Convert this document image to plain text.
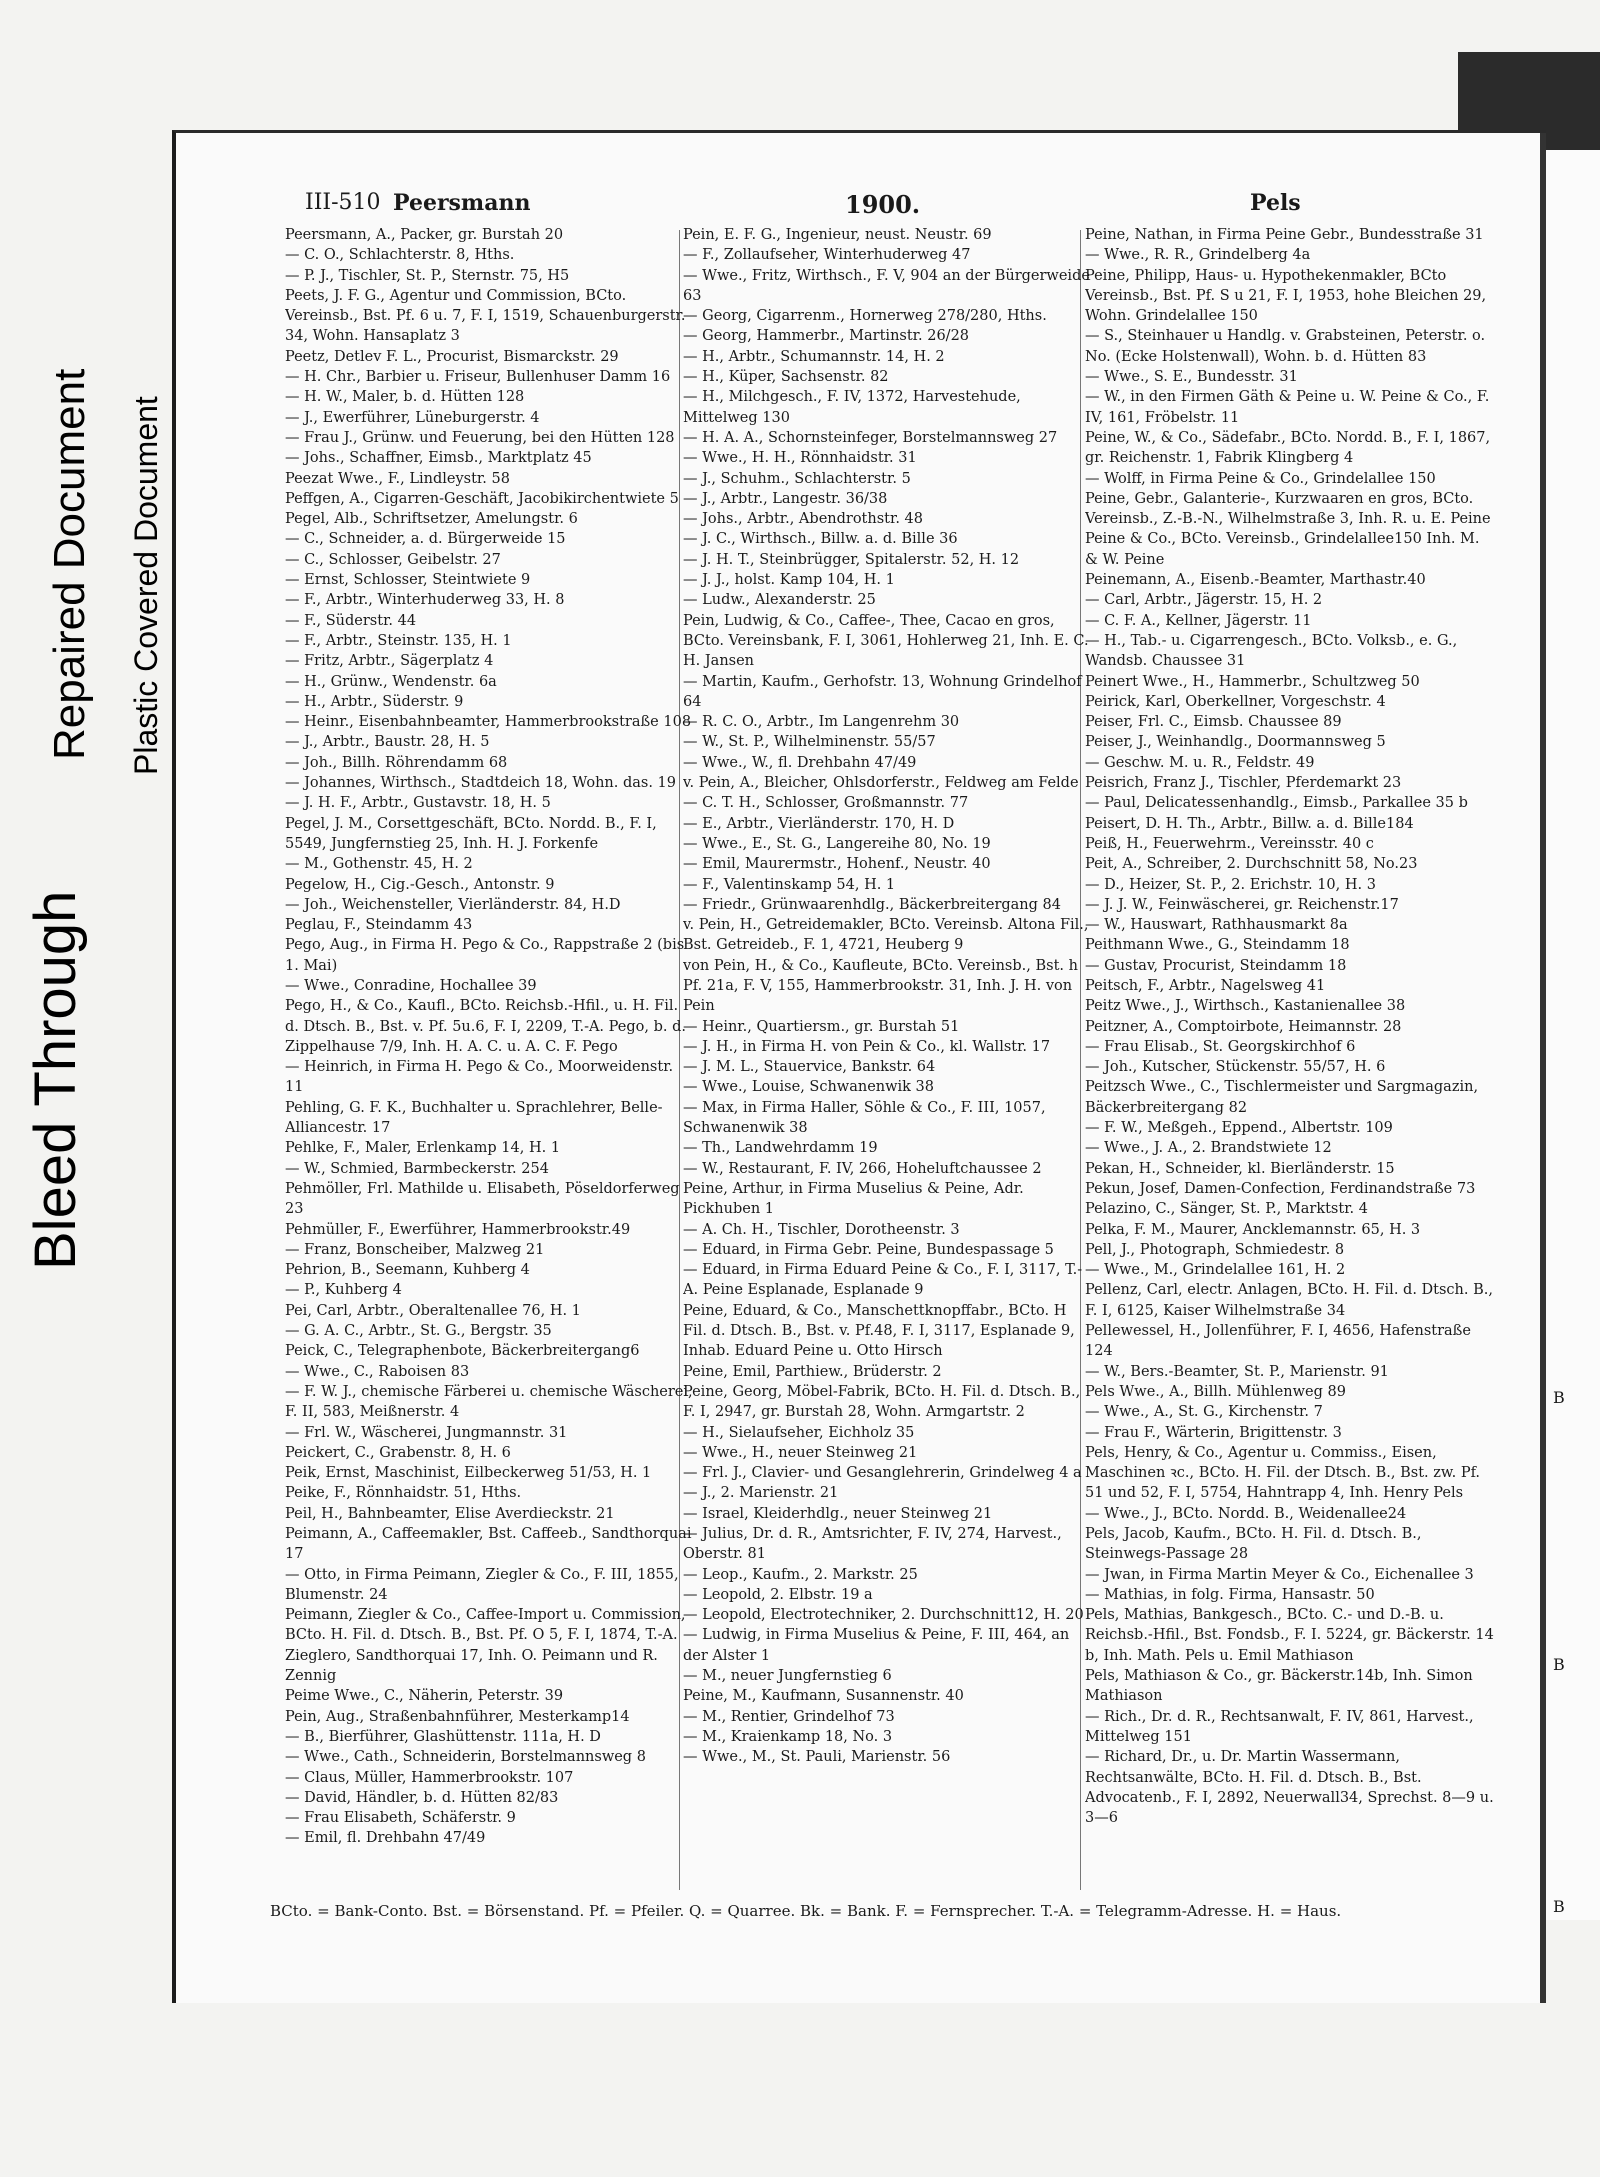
B
B
B
Bleed Through
Repaired Document Plastic Covered Document
III-510 Peersmann	1900.	Pels

Peersmann, A., Packer, gr. Burstah 20

— C. O., Schlachterstr. 8, Hths.

— P. J., Tischler, St. P., Sternstr. 75, H5

Peets, J. F. G., Agentur und Commission, BCto. Vereinsb., Bst. Pf. 6 u. 7, F. I, 1519, Schauenburgerstr. 34, Wohn. Hansaplatz 3

Peetz, Detlev F. L., Procurist, Bismarckstr. 29

— H. Chr., Barbier u. Friseur, Bullenhuser Damm 16

— H. W., Maler, b. d. Hütten 128

— J., Ewerführer, Lüneburgerstr. 4

— Frau J., Grünw. und Feuerung, bei den Hütten 128

— Johs., Schaffner, Eimsb., Marktplatz 45

Peezat Wwe., F., Lindleystr. 58

Peffgen, A., Cigarren-Geschäft, Jacobikirchentwiete 5

Pegel, Alb., Schriftsetzer, Amelungstr. 6

— C., Schneider, a. d. Bürgerweide 15

— C., Schlosser, Geibelstr. 27

— Ernst, Schlosser, Steintwiete 9

— F., Arbtr., Winterhuderweg 33, H. 8

— F., Süderstr. 44

— F., Arbtr., Steinstr. 135, H. 1

— Fritz, Arbtr., Sägerplatz 4

— H., Grünw., Wendenstr. 6a

— H., Arbtr., Süderstr. 9

— Heinr., Eisenbahnbeamter, Hammerbrookstraße 108

— J., Arbtr., Baustr. 28, H. 5

— Joh., Billh. Röhrendamm 68

— Johannes, Wirthsch., Stadtdeich 18, Wohn. das. 19

— J. H. F., Arbtr., Gustavstr. 18, H. 5

Pegel, J. M., Corsettgeschäft, BCto. Nordd. B., F. I, 5549, Jungfernstieg 25, Inh. H. J. Forkenfe

— M., Gothenstr. 45, H. 2

Pegelow, H., Cig.-Gesch., Antonstr. 9

— Joh., Weichensteller, Vierländerstr. 84, H.D

Peglau, F., Steindamm 43

Pego, Aug., in Firma H. Pego & Co., Rappstraße 2 (bis 1. Mai)

— Wwe., Conradine, Hochallee 39

Pego, H., & Co., Kaufl., BCto. Reichsb.-Hfil., u. H. Fil. d. Dtsch. B., Bst. v. Pf. 5u.6, F. I, 2209, T.-A. Pego, b. d. Zippelhause 7/9, Inh. H. A. C. u. A. C. F. Pego

— Heinrich, in Firma H. Pego & Co., Moorweidenstr. 11

Pehling, G. F. K., Buchhalter u. Sprachlehrer, Belle-Alliancestr. 17

Pehlke, F., Maler, Erlenkamp 14, H. 1

— W., Schmied, Barmbeckerstr. 254

Pehmöller, Frl. Mathilde u. Elisabeth, Pöseldorferweg 23

Pehmüller, F., Ewerführer, Hammerbrookstr.49

— Franz, Bonscheiber, Malzweg 21

Pehrion, B., Seemann, Kuhberg 4

— P., Kuhberg 4

Pei, Carl, Arbtr., Oberaltenallee 76, H. 1

— G. A. C., Arbtr., St. G., Bergstr. 35

Peick, C., Telegraphenbote, Bäckerbreitergang6

— Wwe., C., Raboisen 83

— F. W. J., chemische Färberei u. chemische Wäscherei, F. II, 583, Meißnerstr. 4

— Frl. W., Wäscherei, Jungmannstr. 31

Peickert, C., Grabenstr. 8, H. 6

Peik, Ernst, Maschinist, Eilbeckerweg 51/53, H. 1

Peike, F., Rönnhaidstr. 51, Hths.

Peil, H., Bahnbeamter, Elise Averdieckstr. 21

Peimann, A., Caffeemakler, Bst. Caffeeb., Sandthorquai 17

— Otto, in Firma Peimann, Ziegler & Co., F. III, 1855, Blumenstr. 24

Peimann, Ziegler & Co., Caffee-Import u. Commission, BCto. H. Fil. d. Dtsch. B., Bst. Pf. O 5, F. I, 1874, T.-A. Zieglero, Sandthorquai 17, Inh. O. Peimann und R. Zennig

Peime Wwe., C., Näherin, Peterstr. 39

Pein, Aug., Straßenbahnführer, Mesterkamp14

— B., Bierführer, Glashüttenstr. 111a, H. D

— Wwe., Cath., Schneiderin, Borstelmannsweg 8

— Claus, Müller, Hammerbrookstr. 107

— David, Händler, b. d. Hütten 82/83

— Frau Elisabeth, Schäferstr. 9

— Emil, fl. Drehbahn 47/49

Pein, E. F. G., Ingenieur, neust. Neustr. 69

— F., Zollaufseher, Winterhuderweg 47

— Wwe., Fritz, Wirthsch., F. V, 904 an der Bürgerweide 63

— Georg, Cigarrenm., Hornerweg 278/280, Hths.

— Georg, Hammerbr., Martinstr. 26/28

— H., Arbtr., Schumannstr. 14, H. 2

— H., Küper, Sachsenstr. 82

— H., Milchgesch., F. IV, 1372, Harvestehude, Mittelweg 130

— H. A. A., Schornsteinfeger, Borstelmannsweg 27

— Wwe., H. H., Rönnhaidstr. 31

— J., Schuhm., Schlachterstr. 5

— J., Arbtr., Langestr. 36/38

— Johs., Arbtr., Abendrothstr. 48

— J. C., Wirthsch., Billw. a. d. Bille 36

— J. H. T., Steinbrügger, Spitalerstr. 52, H. 12

— J. J., holst. Kamp 104, H. 1

— Ludw., Alexanderstr. 25

Pein, Ludwig, & Co., Caffee-, Thee, Cacao en gros, BCto. Vereinsbank, F. I, 3061, Hohlerweg 21, Inh. E. C. H. Jansen

— Martin, Kaufm., Gerhofstr. 13, Wohnung Grindelhof 64

— R. C. O., Arbtr., Im Langenrehm 30

— W., St. P., Wilhelminenstr. 55/57

— Wwe., W., fl. Drehbahn 47/49

v. Pein, A., Bleicher, Ohlsdorferstr., Feldweg am Felde

— C. T. H., Schlosser, Großmannstr. 77

— E., Arbtr., Vierländerstr. 170, H. D

— Wwe., E., St. G., Langereihe 80, No. 19

— Emil, Maurermstr., Hohenf., Neustr. 40

— F., Valentinskamp 54, H. 1

— Friedr., Grünwaarenhdlg., Bäckerbreitergang 84

v. Pein, H., Getreidemakler, BCto. Vereinsb. Altona Fil., Bst. Getreideb., F. 1, 4721, Heuberg 9

von Pein, H., & Co., Kaufleute, BCto. Vereinsb., Bst. h Pf. 21a, F. V, 155, Hammerbrookstr. 31, Inh. J. H. von Pein

— Heinr., Quartiersm., gr. Burstah 51

— J. H., in Firma H. von Pein & Co., kl. Wallstr. 17

— J. M. L., Stauervice, Bankstr. 64

— Wwe., Louise, Schwanenwik 38

— Max, in Firma Haller, Söhle & Co., F. III, 1057, Schwanenwik 38

— Th., Landwehrdamm 19

— W., Restaurant, F. IV, 266, Hoheluftchaussee 2

Peine, Arthur, in Firma Muselius & Peine, Adr. Pickhuben 1

— A. Ch. H., Tischler, Dorotheenstr. 3

— Eduard, in Firma Gebr. Peine, Bundespassage 5

— Eduard, in Firma Eduard Peine & Co., F. I, 3117, T.-A. Peine Esplanade, Esplanade 9

Peine, Eduard, & Co., Manschettknopffabr., BCto. H Fil. d. Dtsch. B., Bst. v. Pf.48, F. I, 3117, Esplanade 9, Inhab. Eduard Peine u. Otto Hirsch

Peine, Emil, Parthiew., Brüderstr. 2

Peine, Georg, Möbel-Fabrik, BCto. H. Fil. d. Dtsch. B., F. I, 2947, gr. Burstah 28, Wohn. Armgartstr. 2

— H., Sielaufseher, Eichholz 35

— Wwe., H., neuer Steinweg 21

— Frl. J., Clavier- und Gesanglehrerin, Grindelweg 4 a

— J., 2. Marienstr. 21

— Israel, Kleiderhdlg., neuer Steinweg 21

— Julius, Dr. d. R., Amtsrichter, F. IV, 274, Harvest., Oberstr. 81

— Leop., Kaufm., 2. Markstr. 25

— Leopold, 2. Elbstr. 19 a

— Leopold, Electrotechniker, 2. Durchschnitt12, H. 20

— Ludwig, in Firma Muselius & Peine, F. III, 464, an der Alster 1

— M., neuer Jungfernstieg 6

Peine, M., Kaufmann, Susannenstr. 40

— M., Rentier, Grindelhof 73

— M., Kraienkamp 18, No. 3

— Wwe., M., St. Pauli, Marienstr. 56

Peine, Nathan, in Firma Peine Gebr., Bundesstraße 31

— Wwe., R. R., Grindelberg 4a

Peine, Philipp, Haus- u. Hypothekenmakler, BCto Vereinsb., Bst. Pf. S u 21, F. I, 1953, hohe Bleichen 29, Wohn. Grindelallee 150

— S., Steinhauer u Handlg. v. Grabsteinen, Peterstr. o. No. (Ecke Holstenwall), Wohn. b. d. Hütten 83

— Wwe., S. E., Bundesstr. 31

— W., in den Firmen Gäth & Peine u. W. Peine & Co., F. IV, 161, Fröbelstr. 11

Peine, W., & Co., Sädefabr., BCto. Nordd. B., F. I, 1867, gr. Reichenstr. 1, Fabrik Klingberg 4

— Wolff, in Firma Peine & Co., Grindelallee 150

Peine, Gebr., Galanterie-, Kurzwaaren en gros, BCto. Vereinsb., Z.-B.-N., Wilhelmstraße 3, Inh. R. u. E. Peine

Peine & Co., BCto. Vereinsb., Grindelallee150 Inh. M. & W. Peine

Peinemann, A., Eisenb.-Beamter, Marthastr.40

— Carl, Arbtr., Jägerstr. 15, H. 2

— C. F. A., Kellner, Jägerstr. 11

— H., Tab.- u. Cigarrengesch., BCto. Volksb., e. G., Wandsb. Chaussee 31

Peinert Wwe., H., Hammerbr., Schultzweg 50

Peirick, Karl, Oberkellner, Vorgeschstr. 4

Peiser, Frl. C., Eimsb. Chaussee 89

Peiser, J., Weinhandlg., Doormannsweg 5

— Geschw. M. u. R., Feldstr. 49

Peisrich, Franz J., Tischler, Pferdemarkt 23

— Paul, Delicatessenhandlg., Eimsb., Parkallee 35 b

Peisert, D. H. Th., Arbtr., Billw. a. d. Bille184

Peiß, H., Feuerwehrm., Vereinsstr. 40 c

Peit, A., Schreiber, 2. Durchschnitt 58, No.23

— D., Heizer, St. P., 2. Erichstr. 10, H. 3

— J. J. W., Feinwäscherei, gr. Reichenstr.17

— W., Hauswart, Rathhausmarkt 8a

Peithmann Wwe., G., Steindamm 18

— Gustav, Procurist, Steindamm 18

Peitsch, F., Arbtr., Nagelsweg 41

Peitz Wwe., J., Wirthsch., Kastanienallee 38

Peitzner, A., Comptoirbote, Heimannstr. 28

— Frau Elisab., St. Georgskirchhof 6

— Joh., Kutscher, Stückenstr. 55/57, H. 6

Peitzsch Wwe., C., Tischlermeister und Sargmagazin, Bäckerbreitergang 82

— F. W., Meßgeh., Eppend., Albertstr. 109

— Wwe., J. A., 2. Brandstwiete 12

Pekan, H., Schneider, kl. Bierländerstr. 15

Pekun, Josef, Damen-Confection, Ferdinandstraße 73

Pelazino, C., Sänger, St. P., Marktstr. 4

Pelka, F. M., Maurer, Ancklemannstr. 65, H. 3

Pell, J., Photograph, Schmiedestr. 8

— Wwe., M., Grindelallee 161, H. 2

Pellenz, Carl, electr. Anlagen, BCto. H. Fil. d. Dtsch. B., F. I, 6125, Kaiser Wilhelmstraße 34

Pellewessel, H., Jollenführer, F. I, 4656, Hafenstraße 124

— W., Bers.-Beamter, St. P., Marienstr. 91

Pels Wwe., A., Billh. Mühlenweg 89

— Wwe., A., St. G., Kirchenstr. 7

— Frau F., Wärterin, Brigittenstr. 3

Pels, Henry, & Co., Agentur u. Commiss., Eisen, Maschinen ꝛc., BCto. H. Fil. der Dtsch. B., Bst. zw. Pf. 51 und 52, F. I, 5754, Hahntrapp 4, Inh. Henry Pels

— Wwe., J., BCto. Nordd. B., Weidenallee24

Pels, Jacob, Kaufm., BCto. H. Fil. d. Dtsch. B., Steinwegs-Passage 28

— Jwan, in Firma Martin Meyer & Co., Eichenallee 3

— Mathias, in folg. Firma, Hansastr. 50

Pels, Mathias, Bankgesch., BCto. C.- und D.-B. u. Reichsb.-Hfil., Bst. Fondsb., F. I. 5224, gr. Bäckerstr. 14 b, Inh. Math. Pels u. Emil Mathiason

Pels, Mathiason & Co., gr. Bäckerstr.14b, Inh. Simon Mathiason

— Rich., Dr. d. R., Rechtsanwalt, F. IV, 861, Harvest., Mittelweg 151

— Richard, Dr., u. Dr. Martin Wassermann, Rechtsanwälte, BCto. H. Fil. d. Dtsch. B., Bst. Advocatenb., F. I, 2892, Neuerwall34, Sprechst. 8—9 u. 3—6

BCto. = Bank-Conto. Bst. = Börsenstand. Pf. = Pfeiler. Q. = Quarree. Bk. = Bank. F. = Fernsprecher. T.-A. = Telegramm-Adresse. H. = Haus.
